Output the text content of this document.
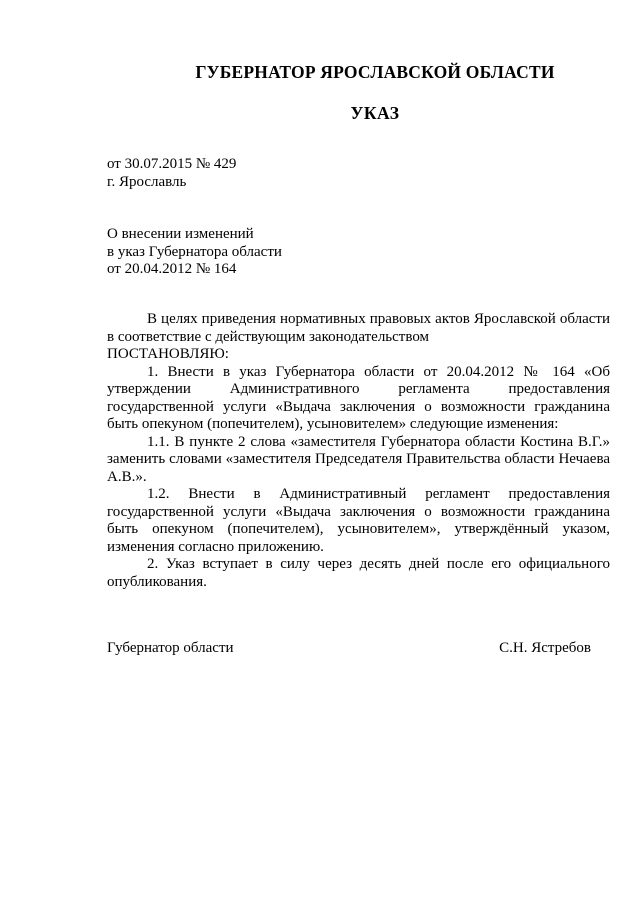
ГУБЕРНАТОР ЯРОСЛАВСКОЙ ОБЛАСТИ
УКАЗ
от 30.07.2015 № 429
г. Ярославль
О внесении изменений
в указ Губернатора области
от 20.04.2012 № 164

В целях приведения нормативных правовых актов Ярославской области в соответствие с действующим законодательством

ПОСТАНОВЛЯЮ:

1. Внести в указ Губернатора области от 20.04.2012 № 164 «Об утверждении Административного регламента предоставления государственной услуги «Выдача заключения о возможности гражданина быть опекуном (попечителем), усыновителем» следующие изменения:

1.1. В пункте 2 слова «заместителя Губернатора области Костина В.Г.» заменить словами «заместителя Председателя Правительства области Нечаева А.В.».

1.2. Внести в Административный регламент предоставления государственной услуги «Выдача заключения о возможности гражданина быть опекуном (попечителем), усыновителем», утверждённый указом, изменения согласно приложению.

2. Указ вступает в силу через десять дней после его официального опубликования.

Губернатор области	С.Н. Ястребов
